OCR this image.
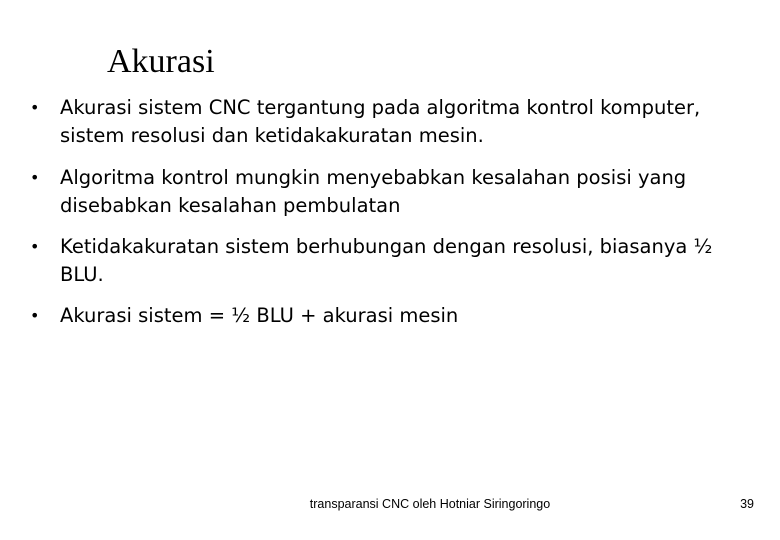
Akurasi
•	Akurasi sistem CNC tergantung pada algoritma kontrol komputer, sistem resolusi dan ketidakakuratan mesin.
•	Algoritma kontrol mungkin menyebabkan kesalahan posisi yang disebabkan kesalahan pembulatan
•	Ketidakakuratan sistem berhubungan dengan resolusi, biasanya ½ BLU.
•	Akurasi sistem = ½ BLU + akurasi mesin
transparansi CNC oleh Hotniar Siringoringo	39
